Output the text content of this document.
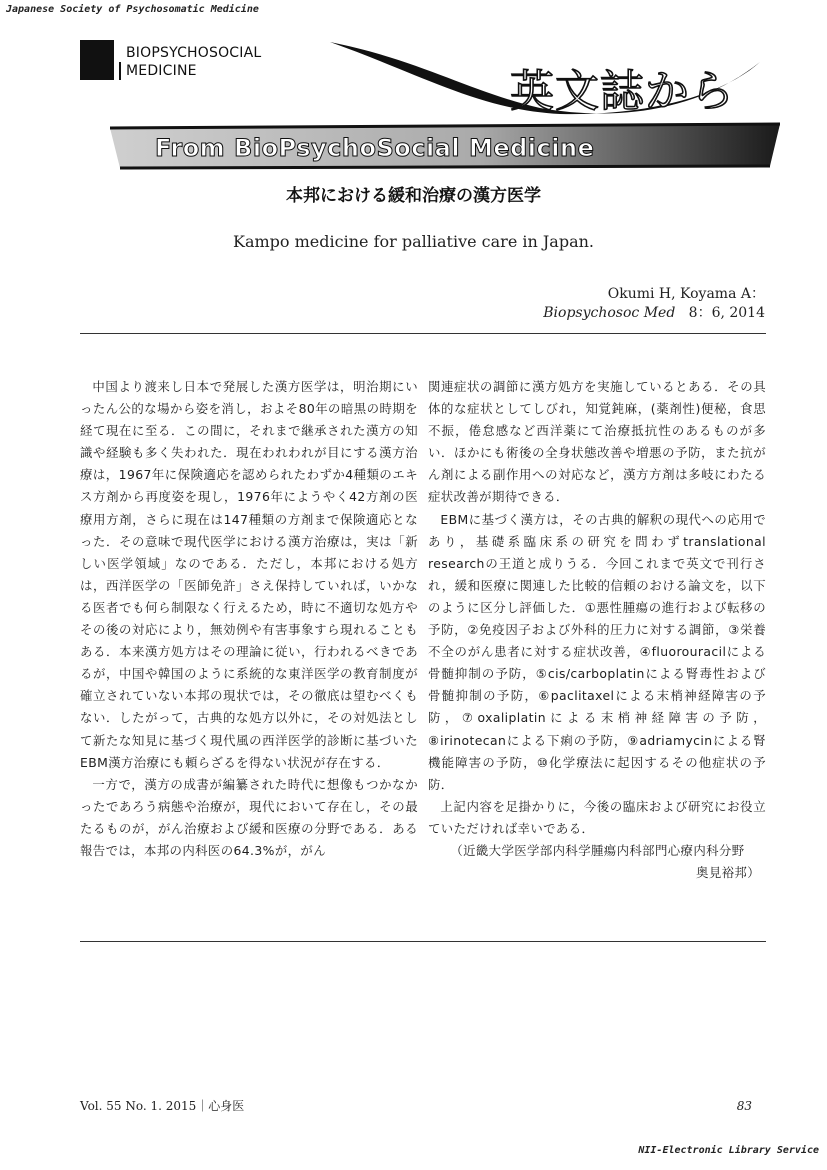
Japanese Society of Psychosomatic Medicine
BIOPSYCHOSOCIAL
MEDICINE	英文誌から
From BioPsychoSocial Medicine
本邦における緩和治療の漢方医学
Kampo medicine for palliative care in Japan.
Okumi H, Koyama A：
Biopsychosoc Med 8：6, 2014

中国より渡来し日本で発展した漢方医学は，明治期にいったん公的な場から姿を消し，およそ80年の暗黒の時期を経て現在に至る．この間に，それまで継承された漢方の知識や経験も多く失われた．現在われわれが目にする漢方治療は，1967年に保険適応を認められたわずか4種類のエキス方剤から再度姿を現し，1976年にようやく42方剤の医療用方剤，さらに現在は147種類の方剤まで保険適応となった．その意味で現代医学における漢方治療は，実は「新しい医学領域」なのである．ただし，本邦における処方は，西洋医学の「医師免許」さえ保持していれば，いかなる医者でも何ら制限なく行えるため，時に不適切な処方やその後の対応により，無効例や有害事象すら現れることもある．本来漢方処方はその理論に従い，行われるべきであるが，中国や韓国のように系統的な東洋医学の教育制度が確立されていない本邦の現状では，その徹底は望むべくもない．したがって，古典的な処方以外に，その対処法として新たな知見に基づく現代風の西洋医学的診断に基づいたEBM漢方治療にも頼らざるを得ない状況が存在する．

一方で，漢方の成書が編纂された時代に想像もつかなかったであろう病態や治療が，現代において存在し，その最たるものが，がん治療および緩和医療の分野である．ある報告では，本邦の内科医の64.3%が，がん

関連症状の調節に漢方処方を実施しているとある．その具体的な症状としてしびれ，知覚鈍麻，(薬剤性)便秘，食思不振，倦怠感など西洋薬にて治療抵抗性のあるものが多い．ほかにも術後の全身状態改善や増悪の予防，また抗がん剤による副作用への対応など，漢方方剤は多岐にわたる症状改善が期待できる．

EBMに基づく漢方は，その古典的解釈の現代への応用であり，基礎系臨床系の研究を問わずtranslational researchの王道と成りうる．今回これまで英文で刊行され，緩和医療に関連した比較的信頼のおける論文を，以下のように区分し評価した．①悪性腫瘍の進行および転移の予防，②免疫因子および外科的圧力に対する調節，③栄養不全のがん患者に対する症状改善，④fluorouracilによる骨髄抑制の予防，⑤cis/carboplatinによる腎毒性および骨髄抑制の予防，⑥paclitaxelによる末梢神経障害の予防，⑦oxaliplatinによる末梢神経障害の予防，⑧irinotecanによる下痢の予防，⑨adriamycinによる腎機能障害の予防，⑩化学療法に起因するその他症状の予防．

上記内容を足掛かりに，今後の臨床および研究にお役立ていただければ幸いである．

（近畿大学医学部内科学腫瘍内科部門心療内科分野

奥見裕邦）

Vol. 55 No. 1. 2015｜心身医	83
NII-Electronic Library Service
